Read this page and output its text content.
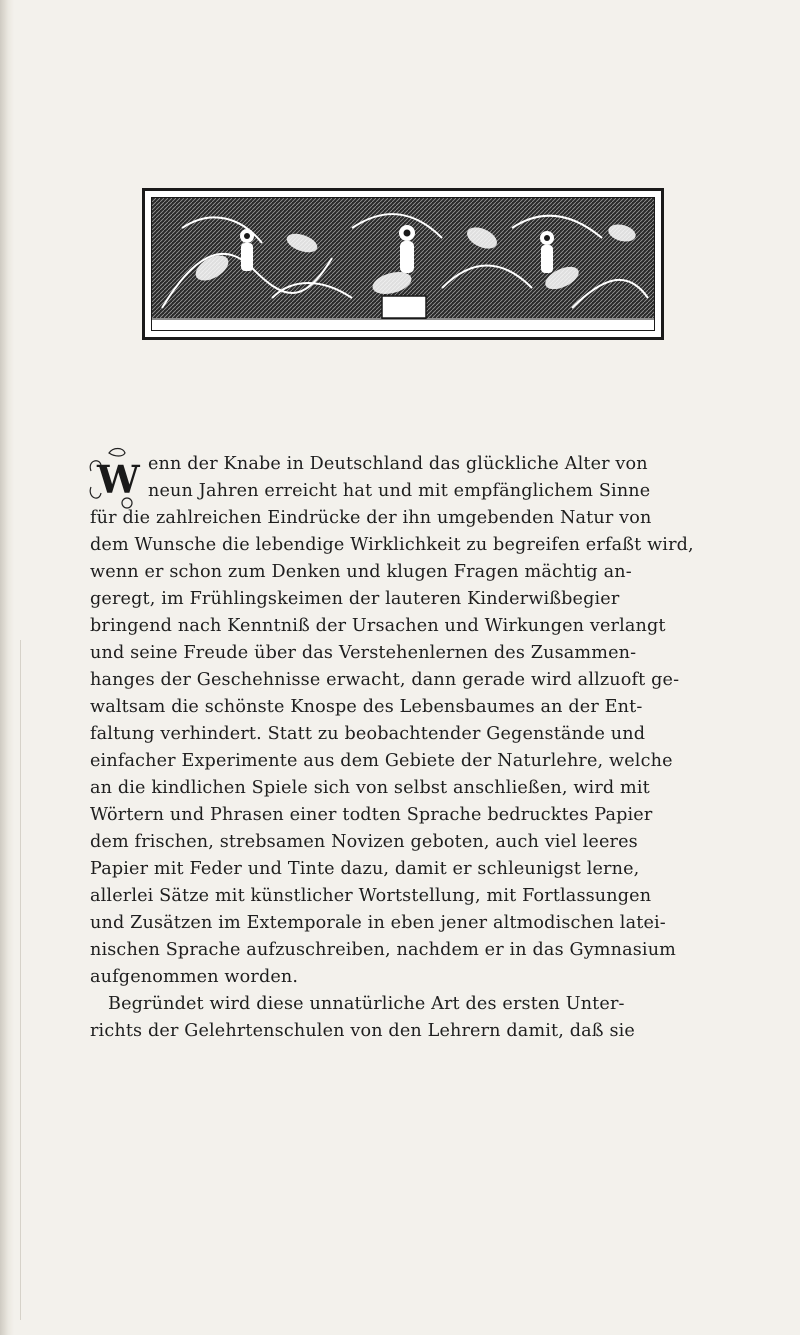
W enn der Knabe in Deutschland das glückliche Alter von
neun Jahren erreicht hat und mit empfänglichem Sinne
für die zahlreichen Eindrücke der ihn umgebenden Natur von
dem Wunsche die lebendige Wirklichkeit zu begreifen erfaßt wird,
wenn er schon zum Denken und klugen Fragen mächtig an-
geregt, im Frühlingskeimen der lauteren Kinderwißbegier
bringend nach Kenntniß der Ursachen und Wirkungen verlangt
und seine Freude über das Verstehenlernen des Zusammen-
hanges der Geschehnisse erwacht, dann gerade wird allzuoft ge-
waltsam die schönste Knospe des Lebensbaumes an der Ent-
faltung verhindert. Statt zu beobachtender Gegenstände und
einfacher Experimente aus dem Gebiete der Naturlehre, welche
an die kindlichen Spiele sich von selbst anschließen, wird mit
Wörtern und Phrasen einer todten Sprache bedrucktes Papier
dem frischen, strebsamen Novizen geboten, auch viel leeres
Papier mit Feder und Tinte dazu, damit er schleunigst lerne,
allerlei Sätze mit künstlicher Wortstellung, mit Fortlassungen
und Zusätzen im Extemporale in eben jener altmodischen latei-
nischen Sprache aufzuschreiben, nachdem er in das Gymnasium
aufgenommen worden.
Begründet wird diese unnatürliche Art des ersten Unter-
richts der Gelehrtenschulen von den Lehrern damit, daß sie
